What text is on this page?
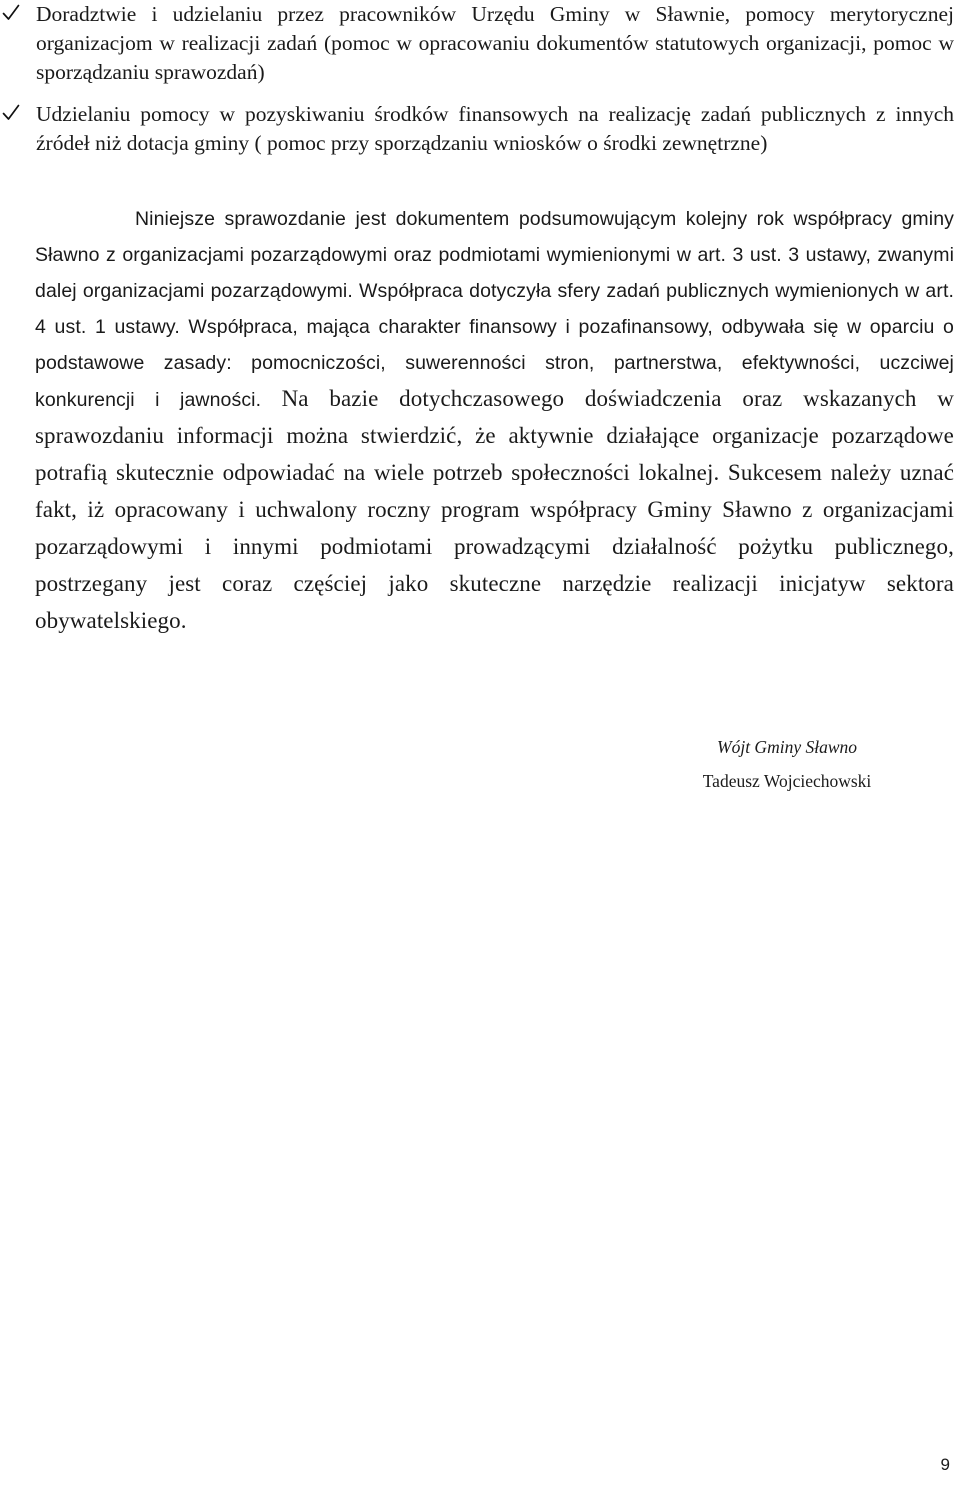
Doradztwie i udzielaniu przez pracowników Urzędu Gminy w Sławnie, pomocy merytorycznej organizacjom w realizacji zadań (pomoc w opracowaniu dokumentów statutowych organizacji, pomoc w sporządzaniu sprawozdań)
Udzielaniu pomocy w pozyskiwaniu środków finansowych na realizację zadań publicznych z innych źródeł niż dotacja gminy ( pomoc przy sporządzaniu wniosków o środki zewnętrzne)

Niniejsze sprawozdanie jest dokumentem podsumowującym kolejny rok współpracy gminy Sławno z organizacjami pozarządowymi oraz podmiotami wymienionymi w art. 3 ust. 3 ustawy, zwanymi dalej organizacjami pozarządowymi. Współpraca dotyczyła sfery zadań publicznych wymienionych w art. 4 ust. 1 ustawy. Współpraca, mająca charakter finansowy i pozafinansowy, odbywała się w oparciu o podstawowe zasady: pomocniczości, suwerenności stron, partnerstwa, efektywności, uczciwej konkurencji i jawności. Na bazie dotychczasowego doświadczenia oraz wskazanych w sprawozdaniu informacji można stwierdzić, że aktywnie działające organizacje pozarządowe potrafią skutecznie odpowiadać na wiele potrzeb społeczności lokalnej. Sukcesem należy uznać fakt, iż opracowany i uchwalony roczny program współpracy Gminy Sławno z organizacjami pozarządowymi i innymi podmiotami prowadzącymi działalność pożytku publicznego, postrzegany jest coraz częściej jako skuteczne narzędzie realizacji inicjatyw sektora obywatelskiego.

Wójt Gminy Sławno
Tadeusz Wojciechowski
9
